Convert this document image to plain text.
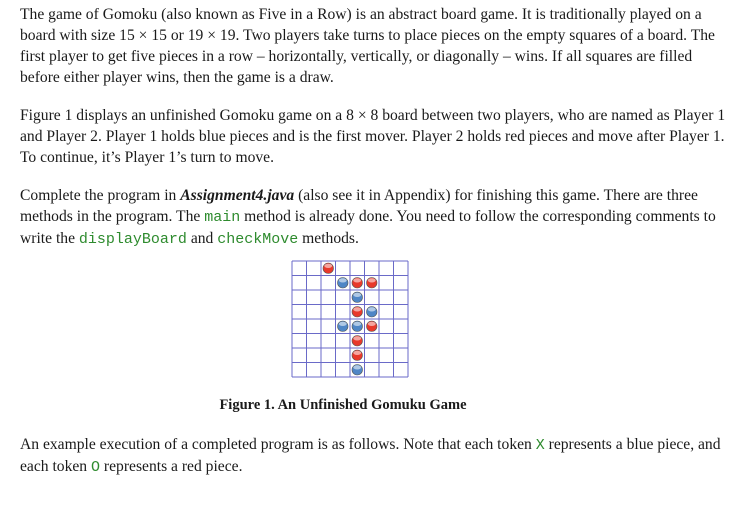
The game of Gomoku (also known as Five in a Row) is an abstract board game. It is traditionally played on a board with size 15 × 15 or 19 × 19. Two players take turns to place pieces on the empty squares of a board. The first player to get five pieces in a row – horizontally, vertically, or diagonally – wins. If all squares are filled before either player wins, then the game is a draw.

Figure 1 displays an unfinished Gomoku game on a 8 × 8 board between two players, who are named as Player 1 and Player 2. Player 1 holds blue pieces and is the first mover. Player 2 holds red pieces and move after Player 1. To continue, it’s Player 1’s turn to move.

Complete the program in Assignment4.java (also see it in Appendix) for finishing this game. There are three methods in the program. The main method is already done. You need to follow the corresponding comments to write the displayBoard and checkMove methods.

Figure 1. An Unfinished Gomuku Game

An example execution of a completed program is as follows. Note that each token X represents a blue piece, and each token O represents a red piece.
